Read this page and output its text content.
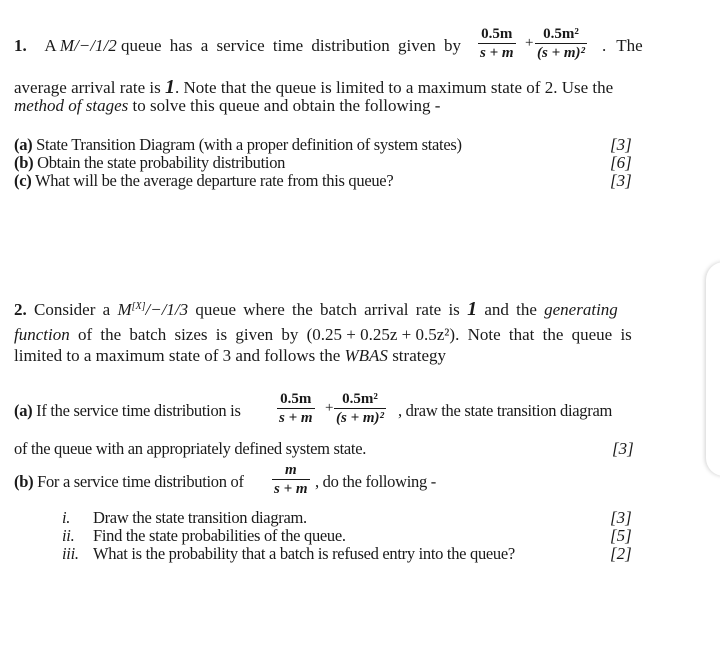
1. A M/−/1/2 queue has a service time distribution given by
0.5m
s + m
+
0.5m²
(s + m)² . The
average arrival rate is 1. Note that the queue is limited to a maximum state of 2. Use the
method of stages to solve this queue and obtain the following -
(a) State Transition Diagram (with a proper definition of system states)	[3]
(b) Obtain the state probability distribution	[6]
(c) What will be the average departure rate from this queue?	[3]
2. Consider a M[X]/−/1/3 queue where the batch arrival rate is 1 and the generating
function of the batch sizes is given by (0.25 + 0.25z + 0.5z²). Note that the queue is
limited to a maximum state of 3 and follows the WBAS strategy
(a) If the service time distribution is
0.5m
s + m
+
0.5m²
(s + m)² , draw the state transition diagram
of the queue with an appropriately defined system state.	[3]
(b) For a service time distribution of
m
s + m , do the following -
i. Draw the state transition diagram.	[3]
ii. Find the state probabilities of the queue.	[5]
iii. What is the probability that a batch is refused entry into the queue?	[2]
